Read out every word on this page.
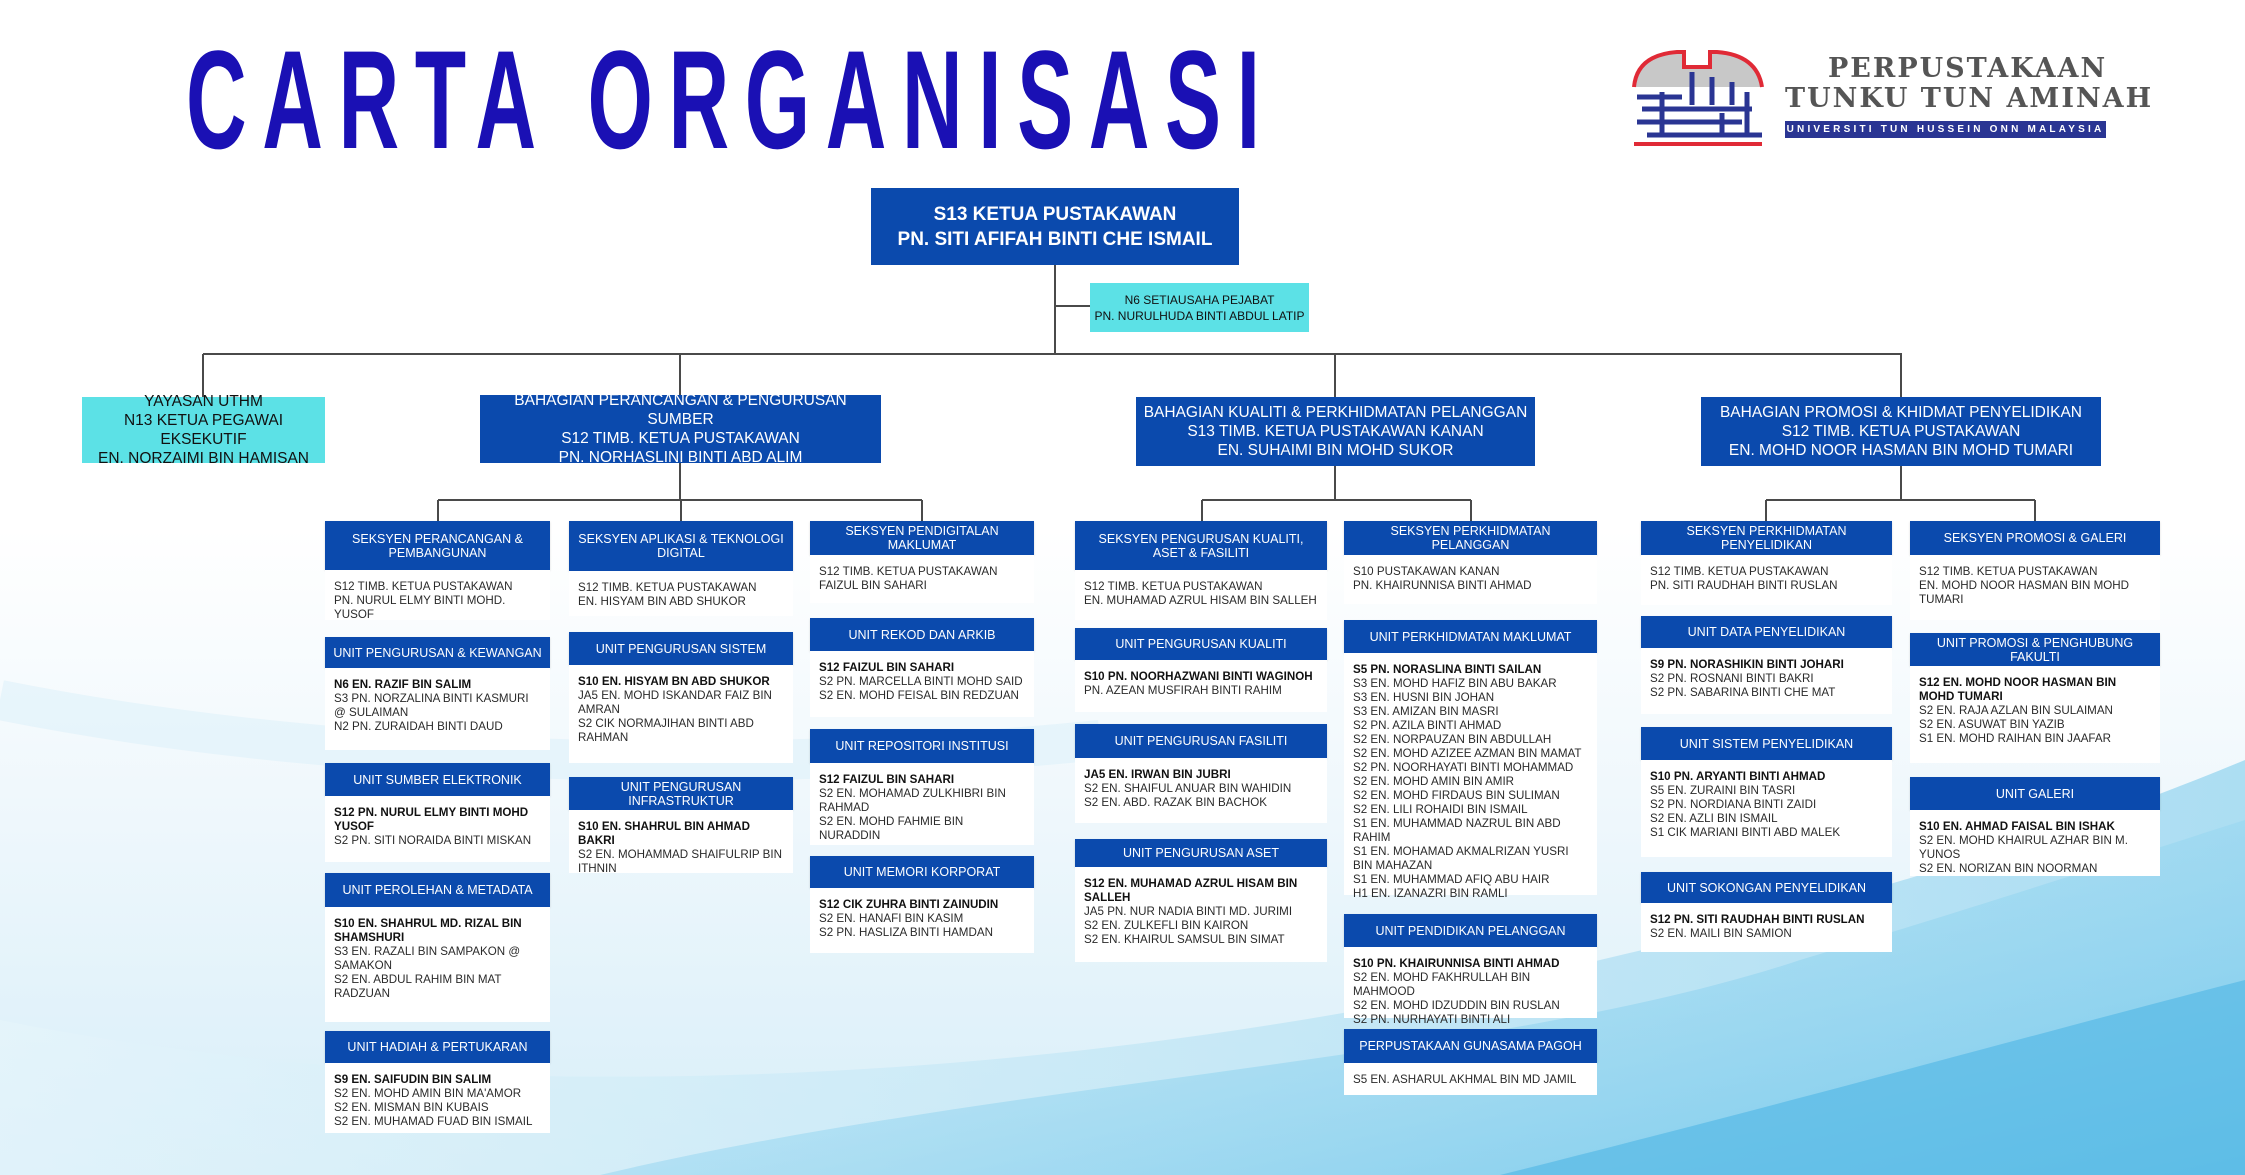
CARTA ORGANISASI	PERPUSTAKAAN
TUNKU TUN AMINAH
UNIVERSITI TUN HUSSEIN ONN MALAYSIA
S13 KETUA PUSTAKAWAN
PN. SITI AFIFAH BINTI CHE ISMAIL
N6 SETIAUSAHA PEJABAT
PN. NURULHUDA BINTI ABDUL LATIP
YAYASAN UTHM
N13 KETUA PEGAWAI EKSEKUTIF
EN. NORZAIMI BIN HAMISAN
BAHAGIAN PERANCANGAN & PENGURUSAN SUMBER
S12 TIMB. KETUA PUSTAKAWAN
PN. NORHASLINI BINTI ABD ALIM
BAHAGIAN KUALITI & PERKHIDMATAN PELANGGAN
S13 TIMB. KETUA PUSTAKAWAN KANAN
EN. SUHAIMI BIN MOHD SUKOR
BAHAGIAN PROMOSI & KHIDMAT PENYELIDIKAN
S12 TIMB. KETUA PUSTAKAWAN
EN. MOHD NOOR HASMAN BIN MOHD TUMARI
SEKSYEN PERANCANGAN & PEMBANGUNAN
S12 TIMB. KETUA PUSTAKAWAN
PN. NURUL ELMY BINTI MOHD. YUSOF
UNIT PENGURUSAN & KEWANGAN
N6 EN. RAZIF BIN SALIM
S3 PN. NORZALINA BINTI KASMURI @ SULAIMAN
N2 PN. ZURAIDAH BINTI DAUD
UNIT SUMBER ELEKTRONIK
S12 PN. NURUL ELMY BINTI MOHD YUSOF
S2 PN. SITI NORAIDA BINTI MISKAN
UNIT PEROLEHAN & METADATA
S10 EN. SHAHRUL MD. RIZAL BIN SHAMSHURI
S3 EN. RAZALI BIN SAMPAKON @ SAMAKON
S2 EN. ABDUL RAHIM BIN MAT RADZUAN
UNIT HADIAH & PERTUKARAN
S9 EN. SAIFUDIN BIN SALIM
S2 EN. MOHD AMIN BIN MA'AMOR
S2 EN. MISMAN BIN KUBAIS
S2 EN. MUHAMAD FUAD BIN ISMAIL
SEKSYEN APLIKASI & TEKNOLOGI DIGITAL
S12 TIMB. KETUA PUSTAKAWAN
EN. HISYAM BIN ABD SHUKOR
UNIT PENGURUSAN SISTEM
S10 EN. HISYAM BN ABD SHUKOR
JA5 EN. MOHD ISKANDAR FAIZ BIN AMRAN
S2 CIK NORMAJIHAN BINTI ABD RAHMAN
UNIT PENGURUSAN INFRASTRUKTUR
S10 EN. SHAHRUL BIN AHMAD BAKRI
S2 EN. MOHAMMAD SHAIFULRIP BIN ITHNIN
SEKSYEN PENDIGITALAN MAKLUMAT
S12 TIMB. KETUA PUSTAKAWAN
FAIZUL BIN SAHARI
UNIT REKOD DAN ARKIB
S12 FAIZUL BIN SAHARI
S2 PN. MARCELLA BINTI MOHD SAID
S2 EN. MOHD FEISAL BIN REDZUAN
UNIT REPOSITORI INSTITUSI
S12 FAIZUL BIN SAHARI
S2 EN. MOHAMAD ZULKHIBRI BIN RAHMAD
S2 EN. MOHD FAHMIE BIN NURADDIN
UNIT MEMORI KORPORAT
S12 CIK ZUHRA BINTI ZAINUDIN
S2 EN. HANAFI BIN KASIM
S2 PN. HASLIZA BINTI HAMDAN
SEKSYEN PENGURUSAN KUALITI, ASET & FASILITI
S12 TIMB. KETUA PUSTAKAWAN
EN. MUHAMAD AZRUL HISAM BIN SALLEH
UNIT PENGURUSAN KUALITI
S10 PN. NOORHAZWANI BINTI WAGINOH
PN. AZEAN MUSFIRAH BINTI RAHIM
UNIT PENGURUSAN FASILITI
JA5 EN. IRWAN BIN JUBRI
S2 EN. SHAIFUL ANUAR BIN WAHIDIN
S2 EN. ABD. RAZAK BIN BACHOK
UNIT PENGURUSAN ASET
S12 EN. MUHAMAD AZRUL HISAM BIN SALLEH
JA5 PN. NUR NADIA BINTI MD. JURIMI
S2 EN. ZULKEFLI BIN KAIRON
S2 EN. KHAIRUL SAMSUL BIN SIMAT
SEKSYEN PERKHIDMATAN PELANGGAN
S10 PUSTAKAWAN KANAN
PN. KHAIRUNNISA BINTI AHMAD
UNIT PERKHIDMATAN MAKLUMAT
S5 PN. NORASLINA BINTI SAILAN
S3 EN. MOHD HAFIZ BIN ABU BAKAR
S3 EN. HUSNI BIN JOHAN
S3 EN. AMIZAN BIN MASRI
S2 PN. AZILA BINTI AHMAD
S2 EN. NORPAUZAN BIN ABDULLAH
S2 EN. MOHD AZIZEE AZMAN BIN MAMAT
S2 PN. NOORHAYATI BINTI MOHAMMAD
S2 EN. MOHD AMIN BIN AMIR
S2 EN. MOHD FIRDAUS BIN SULIMAN
S2 EN. LILI ROHAIDI BIN ISMAIL
S1 EN. MUHAMMAD NAZRUL BIN ABD RAHIM
S1 EN. MOHAMAD AKMALRIZAN YUSRI BIN MAHAZAN
S1 EN. MUHAMMAD AFIQ ABU HAIR
H1 EN. IZANAZRI BIN RAMLI
UNIT PENDIDIKAN PELANGGAN
S10 PN. KHAIRUNNISA BINTI AHMAD
S2 EN. MOHD FAKHRULLAH BIN MAHMOOD
S2 EN. MOHD IDZUDDIN BIN RUSLAN
S2 PN. NURHAYATI BINTI ALI
PERPUSTAKAAN GUNASAMA PAGOH
S5 EN. ASHARUL AKHMAL BIN MD JAMIL
SEKSYEN PERKHIDMATAN PENYELIDIKAN
S12 TIMB. KETUA PUSTAKAWAN
PN. SITI RAUDHAH BINTI RUSLAN
UNIT DATA PENYELIDIKAN
S9 PN. NORASHIKIN BINTI JOHARI
S2 PN. ROSNANI BINTI BAKRI
S2 PN. SABARINA BINTI CHE MAT
UNIT SISTEM PENYELIDIKAN
S10 PN. ARYANTI BINTI AHMAD
S5 EN. ZURAINI BIN TASRI
S2 PN. NORDIANA BINTI ZAIDI
S2 EN. AZLI BIN ISMAIL
S1 CIK MARIANI BINTI ABD MALEK
UNIT SOKONGAN PENYELIDIKAN
S12 PN. SITI RAUDHAH BINTI RUSLAN
S2 EN. MAILI BIN SAMION
SEKSYEN PROMOSI & GALERI
S12 TIMB. KETUA PUSTAKAWAN
EN. MOHD NOOR HASMAN BIN MOHD TUMARI
UNIT PROMOSI & PENGHUBUNG FAKULTI
S12 EN. MOHD NOOR HASMAN BIN MOHD TUMARI
S2 EN. RAJA AZLAN BIN SULAIMAN
S2 EN. ASUWAT BIN YAZIB
S1 EN. MOHD RAIHAN BIN JAAFAR
UNIT GALERI
S10 EN. AHMAD FAISAL BIN ISHAK
S2 EN. MOHD KHAIRUL AZHAR BIN M. YUNOS
S2 EN. NORIZAN BIN NOORMAN
